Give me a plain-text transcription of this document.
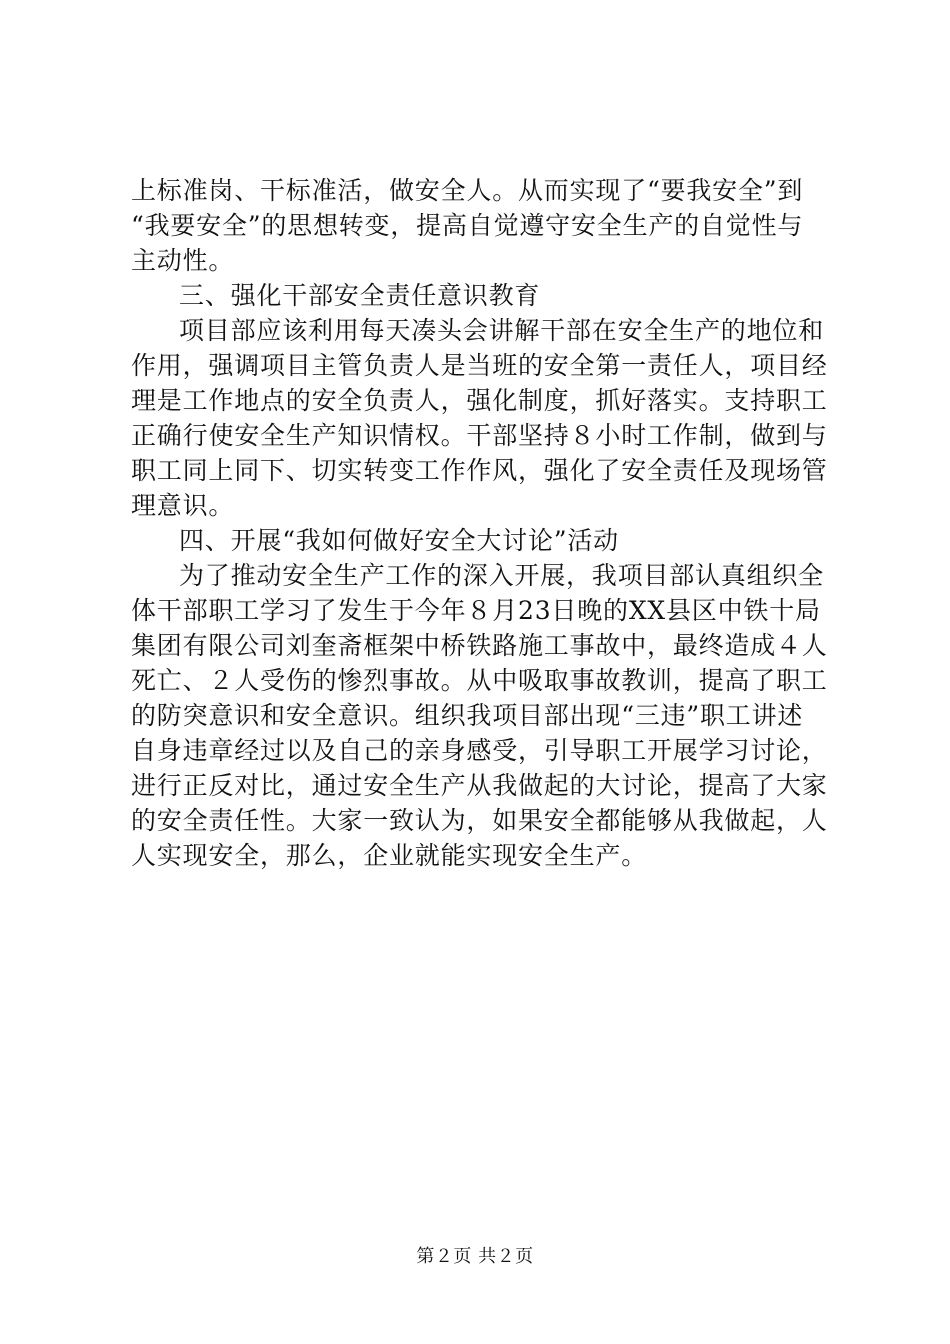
上标准岗、干标准活，做安全人。从而实现了“要我安全”到
“我要安全”的思想转变，提高自觉遵守安全生产的自觉性与
主动性。
三、强化干部安全责任意识教育
项目部应该利用每天凑头会讲解干部在安全生产的地位和
作用，强调项目主管负责人是当班的安全第一责任人，项目经
理是工作地点的安全负责人，强化制度，抓好落实。支持职工
正确行使安全生产知识情权。干部坚持８小时工作制，做到与
职工同上同下、切实转变工作作风，强化了安全责任及现场管
理意识。
四、开展“我如何做好安全大讨论”活动
为了推动安全生产工作的深入开展，我项目部认真组织全
体干部职工学习了发生于今年８月23日晚的XX县区中铁十局
集团有限公司刘奎斋框架中桥铁路施工事故中，最终造成４人
死亡、２人受伤的惨烈事故。从中吸取事故教训，提高了职工
的防突意识和安全意识。组织我项目部出现“三违”职工讲述
自身违章经过以及自己的亲身感受，引导职工开展学习讨论，
进行正反对比，通过安全生产从我做起的大讨论，提高了大家
的安全责任性。大家一致认为，如果安全都能够从我做起，人
人实现安全，那么，企业就能实现安全生产。
第２页 共２页
